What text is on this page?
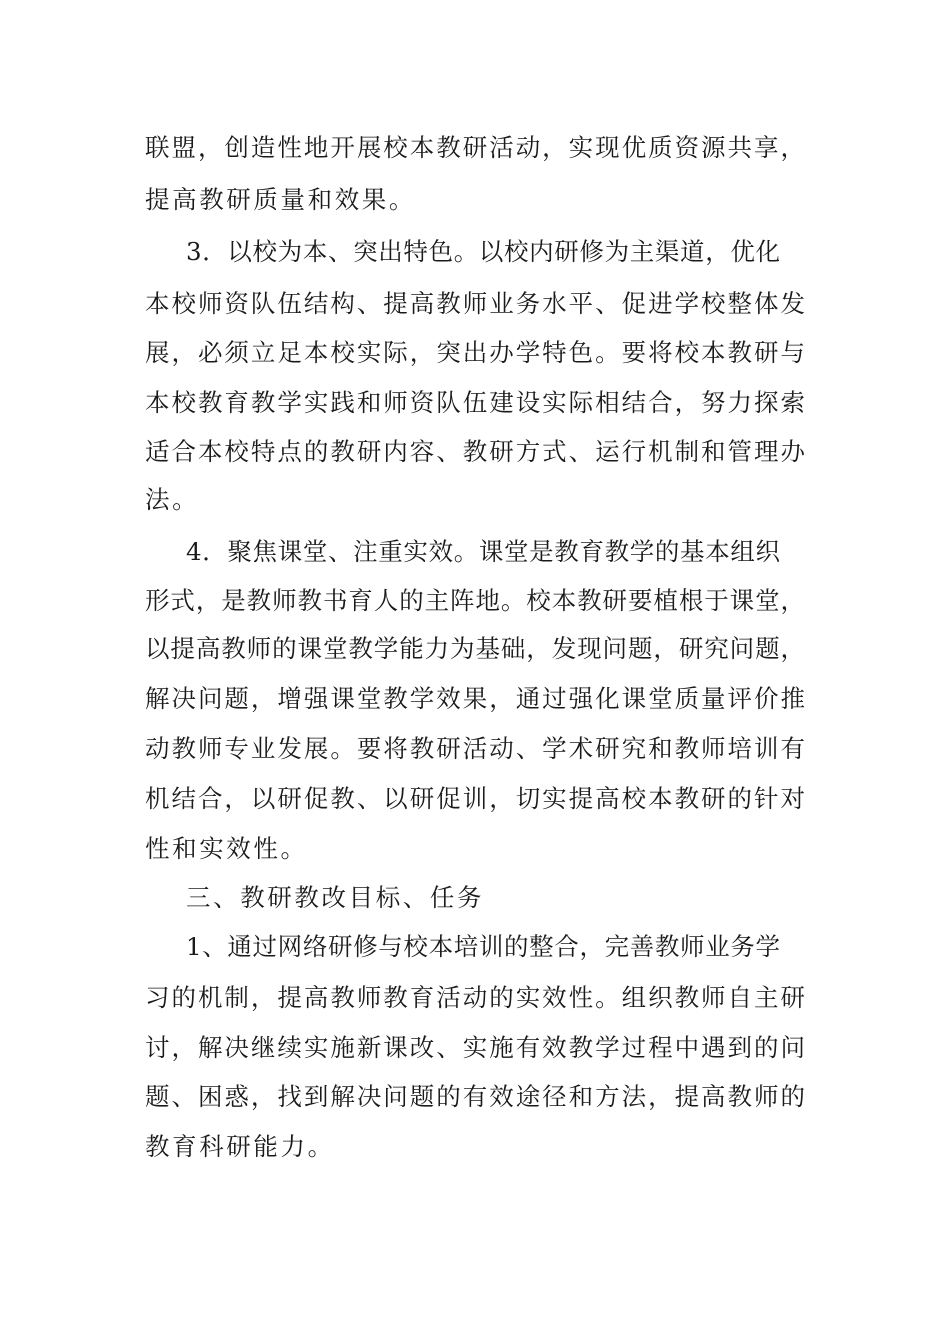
联盟，创造性地开展校本教研活动，实现优质资源共享，

提高教研质量和效果。

3．以校为本、突出特色。以校内研修为主渠道，优化

本校师资队伍结构、提高教师业务水平、促进学校整体发

展，必须立足本校实际，突出办学特色。要将校本教研与

本校教育教学实践和师资队伍建设实际相结合，努力探索

适合本校特点的教研内容、教研方式、运行机制和管理办

法。

4．聚焦课堂、注重实效。课堂是教育教学的基本组织

形式，是教师教书育人的主阵地。校本教研要植根于课堂，

以提高教师的课堂教学能力为基础，发现问题，研究问题，

解决问题，增强课堂教学效果，通过强化课堂质量评价推

动教师专业发展。要将教研活动、学术研究和教师培训有

机结合，以研促教、以研促训，切实提高校本教研的针对

性和实效性。

三、教研教改目标、任务

1、通过网络研修与校本培训的整合，完善教师业务学

习的机制，提高教师教育活动的实效性。组织教师自主研

讨，解决继续实施新课改、实施有效教学过程中遇到的问

题、困惑，找到解决问题的有效途径和方法，提高教师的

教育科研能力。
